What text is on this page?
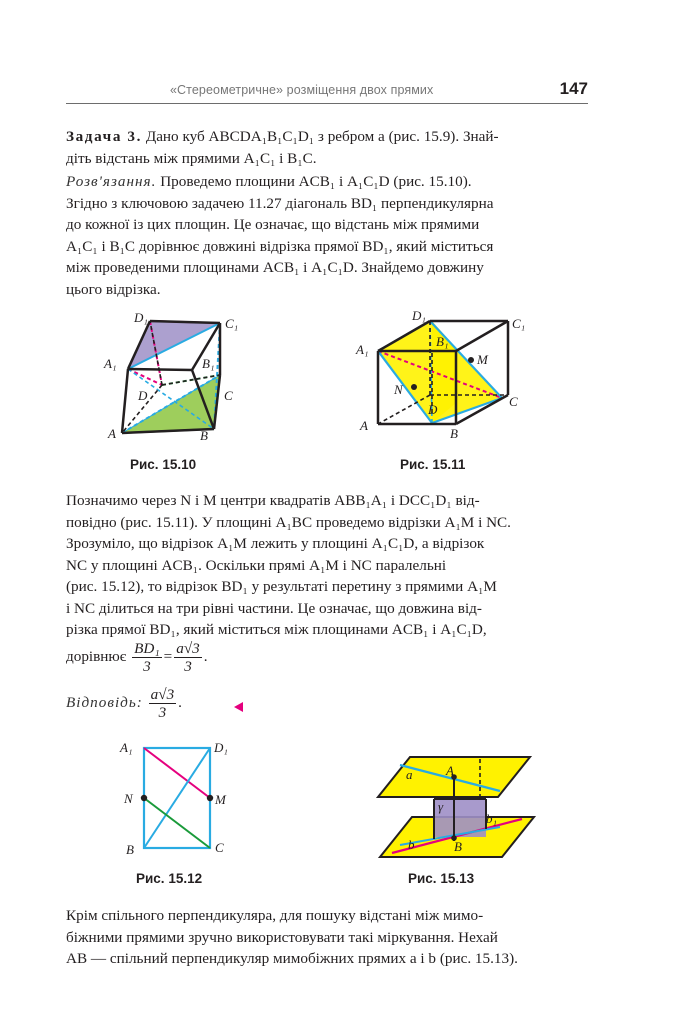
«Стереометричне» розміщення двох прямих	147

Задача 3. Дано куб ABCDA₁B₁C₁D₁ з ребром a (рис. 15.9). Знай-
діть відстань між прямими A₁C₁ і B₁C.

Розв'язання. Проведемо площини ACB₁ і A₁C₁D (рис. 15.10).
Згідно з ключовою задачею 11.27 діагональ BD₁ перпендикулярна
до кожної із цих площин. Це означає, що відстань між прямими
A₁C₁ і B₁C дорівнює довжині відрізка прямої BD₁, який міститься
між проведеними площинами ACB₁ і A₁C₁D. Знайдемо довжину
цього відрізка.

D₁	C₁
A₁	B₁
D	C
A	B
Рис. 15.10
D₁
C₁
A₁
B₁
M
N
D
C
A
B
Рис. 15.11

Позначимо через N і M центри квадратів ABB₁A₁ і DCC₁D₁ від-
повідно (рис. 15.11). У площині A₁BC проведемо відрізки A₁M і NC.
Зрозуміло, що відрізок A₁M лежить у площині A₁C₁D, а відрізок
NC у площині ACB₁. Оскільки прямі A₁M і NC паралельні
(рис. 15.12), то відрізок BD₁ у результаті перетину з прямими A₁M
і NC ділиться на три рівні частини. Це означає, що довжина від-
різка прямої BD₁, який міститься між площинами ACB₁ і A₁C₁D,

дорівнює $\frac{\text{BD₁}}{3} = \frac{a√3}{3}$ .
Відповідь: $\frac{a√3}{3}$ .
A₁	D₁
N	M
B	C
Рис. 15.12
a	A
γ
b₁
b	B
Рис. 15.13

Крім спільного перпендикуляра, для пошуку відстані між мимо-
біжними прямими зручно використовувати такі міркування. Нехай
AB — спільний перпендикуляр мимобіжних прямих a і b (рис. 15.13).
